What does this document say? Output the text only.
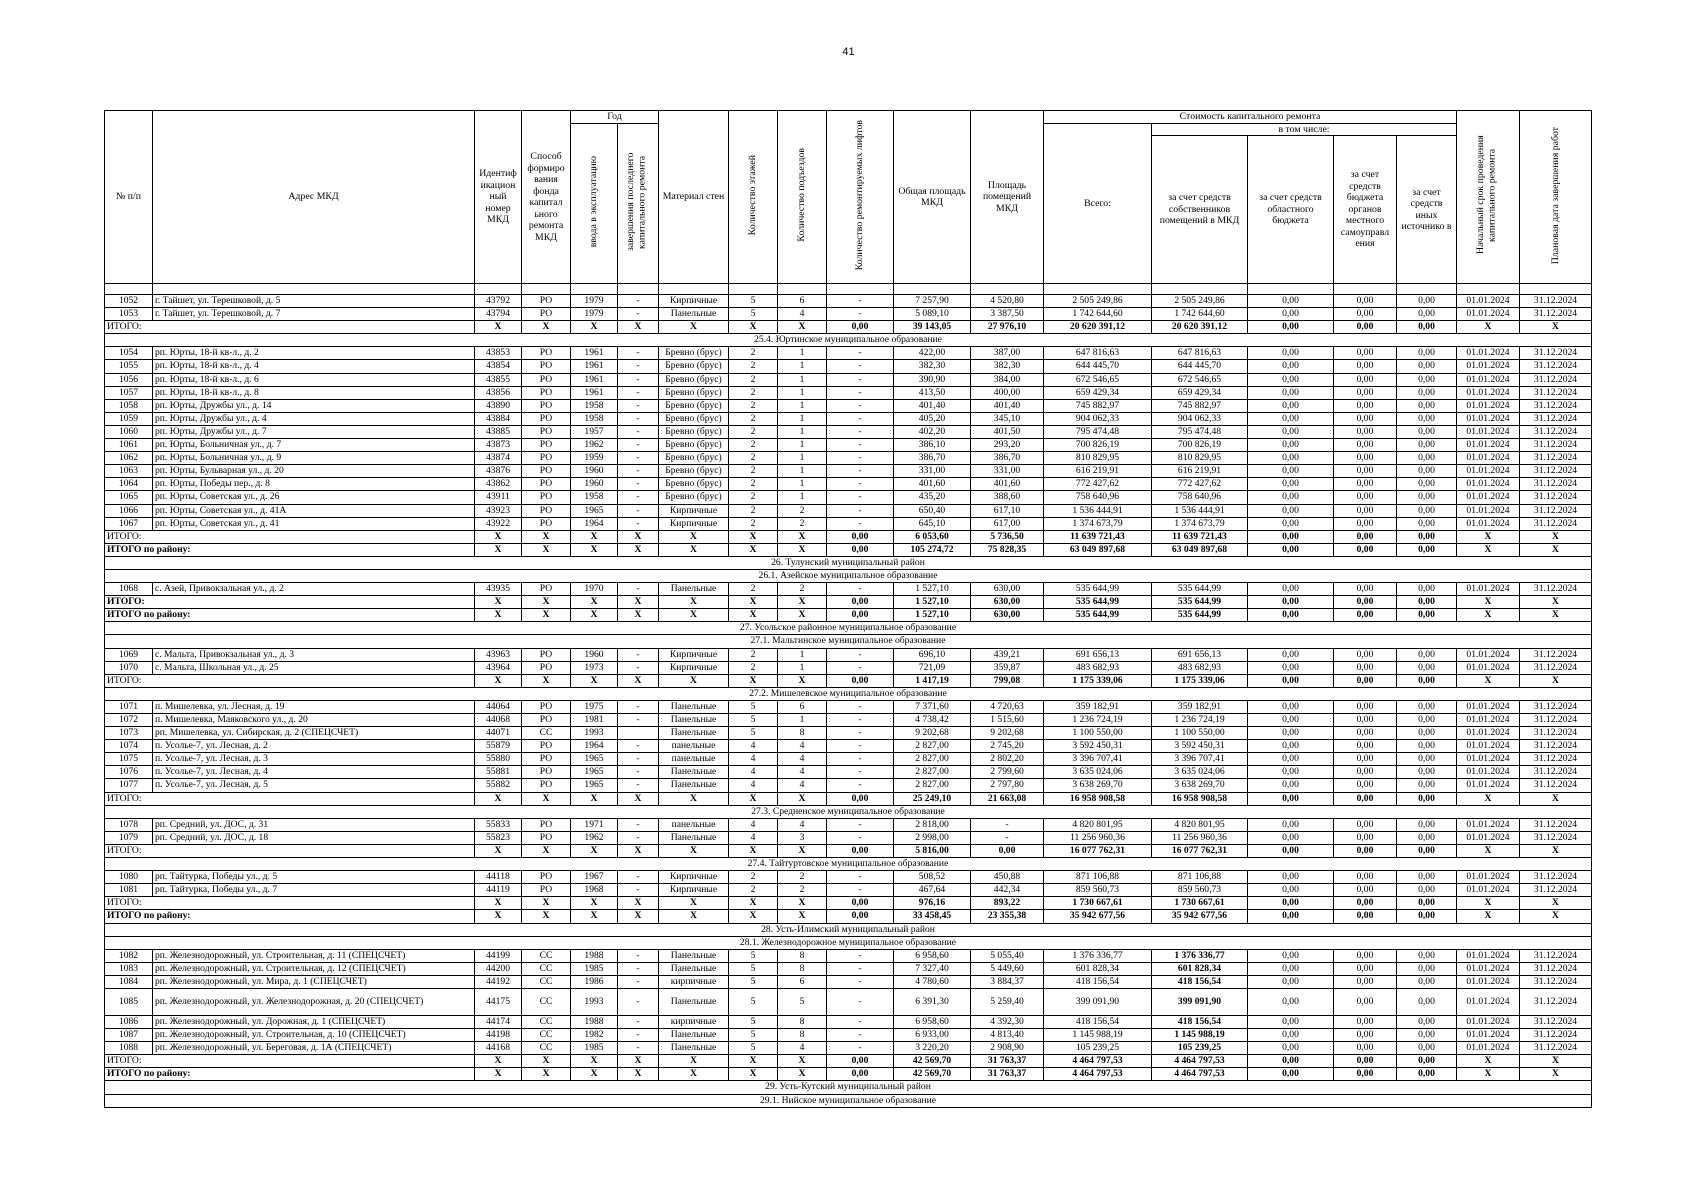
41
№ п/п	Адрес МКД	Идентиф икацион ный номер МКД	Способ формиро вания фонда капитал ьного ремонта МКД	Год		Материал стен	Количество этажей	Количество подъездов	Количество ремонтируемых лифтов	Общая площадь МКД	Площадь помещений МКД	Стоимость капитального ремонта					Начальный срок проведения капитального ремонта	Плановая дата завершения работ
				ввода в эксплуатацию	завершения последнего капитального ремонта							Всего:	в том числе:					
													за счет средств собственников помещений в МКД	за счет средств областного бюджета	за счет средств бюджета органов местного самоуправл ения	за счет средств иных источнико в		

1052	г. Тайшет, ул. Терешковой, д. 5	43792	РО	1979	-	Кирпичные	5	6	-	7 257,90	4 520,80	2 505 249,86	2 505 249,86	0,00	0,00	0,00	01.01.2024	31.12.2024
1053	г. Тайшет, ул. Терешковой, д. 7	43794	РО	1979	-	Панельные	5	4	-	5 089,10	3 387,50	1 742 644,60	1 742 644,60	0,00	0,00	0,00	01.01.2024	31.12.2024
ИТОГО:		Х	Х	Х	Х	Х	Х	Х	0,00	39 143,05	27 976,10	20 620 391,12	20 620 391,12	0,00	0,00	0,00	Х	Х
25.4. Юртинское муниципальное образование																		
1054	рп. Юрты, 18-й кв-л., д. 2	43853	РО	1961	-	Бревно (брус)	2	1	-	422,00	387,00	647 816,63	647 816,63	0,00	0,00	0,00	01.01.2024	31.12.2024
1055	рп. Юрты, 18-й кв-л., д. 4	43854	РО	1961	-	Бревно (брус)	2	1	-	382,30	382,30	644 445,70	644 445,70	0,00	0,00	0,00	01.01.2024	31.12.2024
1056	рп. Юрты, 18-й кв-л., д. 6	43855	РО	1961	-	Бревно (брус)	2	1	-	390,90	384,00	672 546,65	672 546,65	0,00	0,00	0,00	01.01.2024	31.12.2024
1057	рп. Юрты, 18-й кв-л., д. 8	43856	РО	1961	-	Бревно (брус)	2	1	-	413,50	400,00	659 429,34	659 429,34	0,00	0,00	0,00	01.01.2024	31.12.2024
1058	рп. Юрты, Дружбы ул., д. 14	43890	РО	1958	-	Бревно (брус)	2	1	-	401,40	401,40	745 882,97	745 882,97	0,00	0,00	0,00	01.01.2024	31.12.2024
1059	рп. Юрты, Дружбы ул., д. 4	43884	РО	1958	-	Бревно (брус)	2	1	-	405,20	345,10	904 062,33	904 062,33	0,00	0,00	0,00	01.01.2024	31.12.2024
1060	рп. Юрты, Дружбы ул., д. 7	43885	РО	1957	-	Бревно (брус)	2	1	-	402,20	401,50	795 474,48	795 474,48	0,00	0,00	0,00	01.01.2024	31.12.2024
1061	рп. Юрты, Больничная ул., д. 7	43873	РО	1962	-	Бревно (брус)	2	1	-	386,10	293,20	700 826,19	700 826,19	0,00	0,00	0,00	01.01.2024	31.12.2024
1062	рп. Юрты, Больничная ул., д. 9	43874	РО	1959	-	Бревно (брус)	2	1	-	386,70	386,70	810 829,95	810 829,95	0,00	0,00	0,00	01.01.2024	31.12.2024
1063	рп. Юрты, Бульварная ул., д. 20	43876	РО	1960	-	Бревно (брус)	2	1	-	331,00	331,00	616 219,91	616 219,91	0,00	0,00	0,00	01.01.2024	31.12.2024
1064	рп. Юрты, Победы пер., д. 8	43862	РО	1960	-	Бревно (брус)	2	1	-	401,60	401,60	772 427,62	772 427,62	0,00	0,00	0,00	01.01.2024	31.12.2024
1065	рп. Юрты, Советская ул., д. 26	43911	РО	1958	-	Бревно (брус)	2	1	-	435,20	388,60	758 640,96	758 640,96	0,00	0,00	0,00	01.01.2024	31.12.2024
1066	рп. Юрты, Советская ул., д. 41А	43923	РО	1965	-	Кирпичные	2	2	-	650,40	617,10	1 536 444,91	1 536 444,91	0,00	0,00	0,00	01.01.2024	31.12.2024
1067	рп. Юрты, Советская ул., д. 41	43922	РО	1964	-	Кирпичные	2	2	-	645,10	617,00	1 374 673,79	1 374 673,79	0,00	0,00	0,00	01.01.2024	31.12.2024
ИТОГО:		Х	Х	Х	Х	Х	Х	Х	0,00	6 053,60	5 736,50	11 639 721,43	11 639 721,43	0,00	0,00	0,00	Х	Х
ИТОГО по району:		Х	Х	Х	Х	Х	Х	Х	0,00	105 274,72	75 828,35	63 049 897,68	63 049 897,68	0,00	0,00	0,00	Х	Х
26. Тулунский муниципальный район																		
26.1. Азейское муниципальное образование																		
1068	с. Азей, Привокзальная ул., д. 2	43935	РО	1970	-	Панельные	2	2	-	1 527,10	630,00	535 644,99	535 644,99	0,00	0,00	0,00	01.01.2024	31.12.2024
ИТОГО:		Х	Х	Х	Х	Х	Х	Х	0,00	1 527,10	630,00	535 644,99	535 644,99	0,00	0,00	0,00	Х	Х
ИТОГО по району:		Х	Х	Х	Х	Х	Х	Х	0,00	1 527,10	630,00	535 644,99	535 644,99	0,00	0,00	0,00	Х	Х
27. Усольское районное муниципальное образование																		
27.1. Мальтинское муниципальное образование																		
1069	с. Мальта, Привокзальная ул., д. 3	43963	РО	1960	-	Кирпичные	2	1	-	696,10	439,21	691 656,13	691 656,13	0,00	0,00	0,00	01.01.2024	31.12.2024
1070	с. Мальта, Школьная ул., д. 25	43964	РО	1973	-	Кирпичные	2	1	-	721,09	359,87	483 682,93	483 682,93	0,00	0,00	0,00	01.01.2024	31.12.2024
ИТОГО:		Х	Х	Х	Х	Х	Х	Х	0,00	1 417,19	799,08	1 175 339,06	1 175 339,06	0,00	0,00	0,00	Х	Х
27.2. Мишелевское муниципальное образование																		
1071	п. Мишелевка, ул. Лесная, д. 19	44064	РО	1975	-	Панельные	5	6	-	7 371,60	4 720,63	359 182,91	359 182,91	0,00	0,00	0,00	01.01.2024	31.12.2024
1072	п. Мишелевка, Маяковского ул., д. 20	44068	РО	1981	-	Панельные	5	1	-	4 738,42	1 515,60	1 236 724,19	1 236 724,19	0,00	0,00	0,00	01.01.2024	31.12.2024
1073	рп. Мишелевка, ул. Сибирская, д. 2 (СПЕЦСЧЕТ)	44071	СС	1993		Панельные	5	8	-	9 202,68	9 202,68	1 100 550,00	1 100 550,00	0,00	0,00	0,00	01.01.2024	31.12.2024
1074	п. Усолье-7, ул. Лесная, д. 2	55879	РО	1964	-	панельные	4	4	-	2 827,00	2 745,20	3 592 450,31	3 592 450,31	0,00	0,00	0,00	01.01.2024	31.12.2024
1075	п. Усолье-7, ул. Лесная, д. 3	55880	РО	1965	-	панельные	4	4	-	2 827,00	2 802,20	3 396 707,41	3 396 707,41	0,00	0,00	0,00	01.01.2024	31.12.2024
1076	п. Усолье-7, ул. Лесная, д. 4	55881	РО	1965	-	Панельные	4	4	-	2 827,00	2 799,60	3 635 024,06	3 635 024,06	0,00	0,00	0,00	01.01.2024	31.12.2024
1077	п. Усолье-7, ул. Лесная, д. 5	55882	РО	1965	-	Панельные	4	4	-	2 827,00	2 797,80	3 638 269,70	3 638 269,70	0,00	0,00	0,00	01.01.2024	31.12.2024
ИТОГО:		Х	Х	Х	Х	Х	Х	Х	0,00	25 249,10	21 663,08	16 958 908,58	16 958 908,58	0,00	0,00	0,00	Х	Х
27.3. Средненское муниципальное образование																		
1078	рп. Средний, ул. ДОС, д. 31	55833	РО	1971	-	панельные	4	4	-	2 818,00	-	4 820 801,95	4 820 801,95	0,00	0,00	0,00	01.01.2024	31.12.2024
1079	рп. Средний, ул. ДОС, д. 18	55823	РО	1962	-	Панельные	4	3	-	2 998,00	-	11 256 960,36	11 256 960,36	0,00	0,00	0,00	01.01.2024	31.12.2024
ИТОГО:		Х	Х	Х	Х	Х	Х	Х	0,00	5 816,00	0,00	16 077 762,31	16 077 762,31	0,00	0,00	0,00	Х	Х
27.4. Тайтуртовское муниципальное образование																		
1080	рп. Тайтурка, Победы ул., д. 5	44118	РО	1967	-	Кирпичные	2	2	-	508,52	450,88	871 106,88	871 106,88	0,00	0,00	0,00	01.01.2024	31.12.2024
1081	рп. Тайтурка, Победы ул., д. 7	44119	РО	1968	-	Кирпичные	2	2	-	467,64	442,34	859 560,73	859 560,73	0,00	0,00	0,00	01.01.2024	31.12.2024
ИТОГО:		Х	Х	Х	Х	Х	Х	Х	0,00	976,16	893,22	1 730 667,61	1 730 667,61	0,00	0,00	0,00	Х	Х
ИТОГО по району:		Х	Х	Х	Х	Х	Х	Х	0,00	33 458,45	23 355,38	35 942 677,56	35 942 677,56	0,00	0,00	0,00	Х	Х
28. Усть-Илимский муниципальный район																		
28.1. Железнодорожное муниципальное образование																		
1082	рп. Железнодорожный, ул. Строительная, д. 11 (СПЕЦСЧЕТ)	44199	СС	1988	-	Панельные	5	8	-	6 958,60	5 055,40	1 376 336,77	1 376 336,77	0,00	0,00	0,00	01.01.2024	31.12.2024
1083	рп. Железнодорожный, ул. Строительная, д. 12 (СПЕЦСЧЕТ)	44200	СС	1985	-	Панельные	5	8	-	7 327,40	5 449,60	601 828,34	601 828,34	0,00	0,00	0,00	01.01.2024	31.12.2024
1084	рп. Железнодорожный, ул. Мира, д. 1 (СПЕЦСЧЕТ)	44192	СС	1986	-	кирпичные	5	6	-	4 780,60	3 884,37	418 156,54	418 156,54	0,00	0,00	0,00	01.01.2024	31.12.2024
1085	рп. Железнодорожный, ул. Железнодорожная, д. 20 (СПЕЦСЧЕТ)	44175	СС	1993	-	Панельные	5	5	-	6 391,30	5 259,40	399 091,90	399 091,90	0,00	0,00	0,00	01.01.2024	31.12.2024
1086	рп. Железнодорожный, ул. Дорожная, д. 1 (СПЕЦСЧЕТ)	44174	СС	1988	-	кирпичные	5	8	-	6 958,60	4 392,30	418 156,54	418 156,54	0,00	0,00	0,00	01.01.2024	31.12.2024
1087	рп. Железнодорожный, ул. Строительная, д. 10 (СПЕЦСЧЕТ)	44198	СС	1982	-	Панельные	5	8	-	6 933,00	4 813,40	1 145 988,19	1 145 988,19	0,00	0,00	0,00	01.01.2024	31.12.2024
1088	рп. Железнодорожный, ул. Береговая, д. 1А (СПЕЦСЧЕТ)	44168	СС	1985	-	Панельные	5	4	-	3 220,20	2 908,90	105 239,25	105 239,25	0,00	0,00	0,00	01.01.2024	31.12.2024
ИТОГО:		Х	Х	Х	Х	Х	Х	Х	0,00	42 569,70	31 763,37	4 464 797,53	4 464 797,53	0,00	0,00	0,00	Х	Х
ИТОГО по району:		Х	Х	Х	Х	Х	Х	Х	0,00	42 569,70	31 763,37	4 464 797,53	4 464 797,53	0,00	0,00	0,00	Х	Х
29. Усть-Кутский муниципальный район																		
29.1. Нийское муниципальное образование																		
